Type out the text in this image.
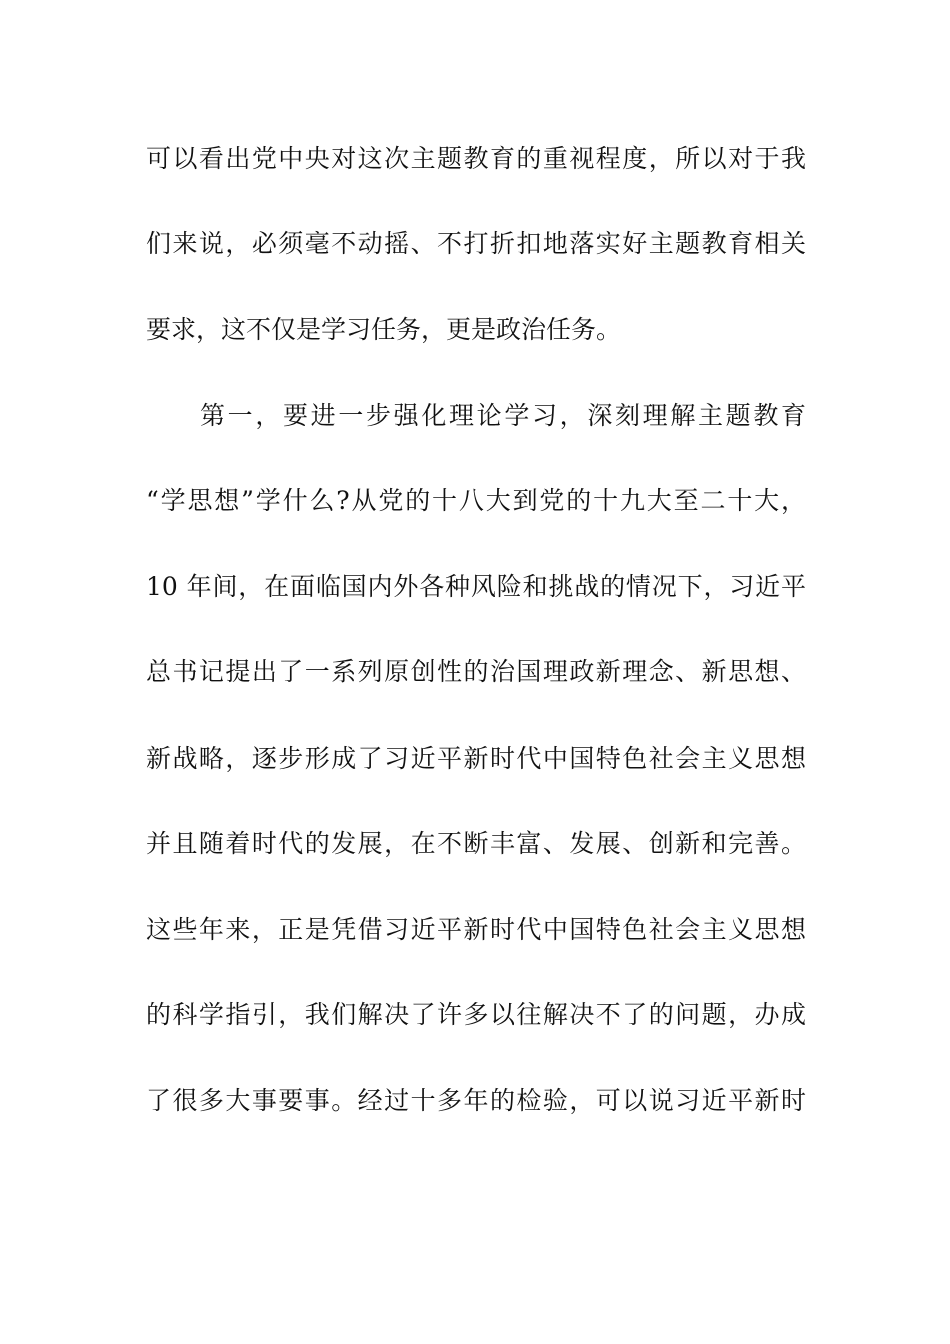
可以看出党中央对这次主题教育的重视程度，所以对于我
们来说，必须毫不动摇、不打折扣地落实好主题教育相关
要求，这不仅是学习任务，更是政治任务。
第一，要进一步强化理论学习，深刻理解主题教育
“学思想”学什么?从党的十八大到党的十九大至二十大，
10 年间，在面临国内外各种风险和挑战的情况下，习近平
总书记提出了一系列原创性的治国理政新理念、新思想、
新战略，逐步形成了习近平新时代中国特色社会主义思想
并且随着时代的发展，在不断丰富、发展、创新和完善。
这些年来，正是凭借习近平新时代中国特色社会主义思想
的科学指引，我们解决了许多以往解决不了的问题，办成
了很多大事要事。经过十多年的检验，可以说习近平新时
